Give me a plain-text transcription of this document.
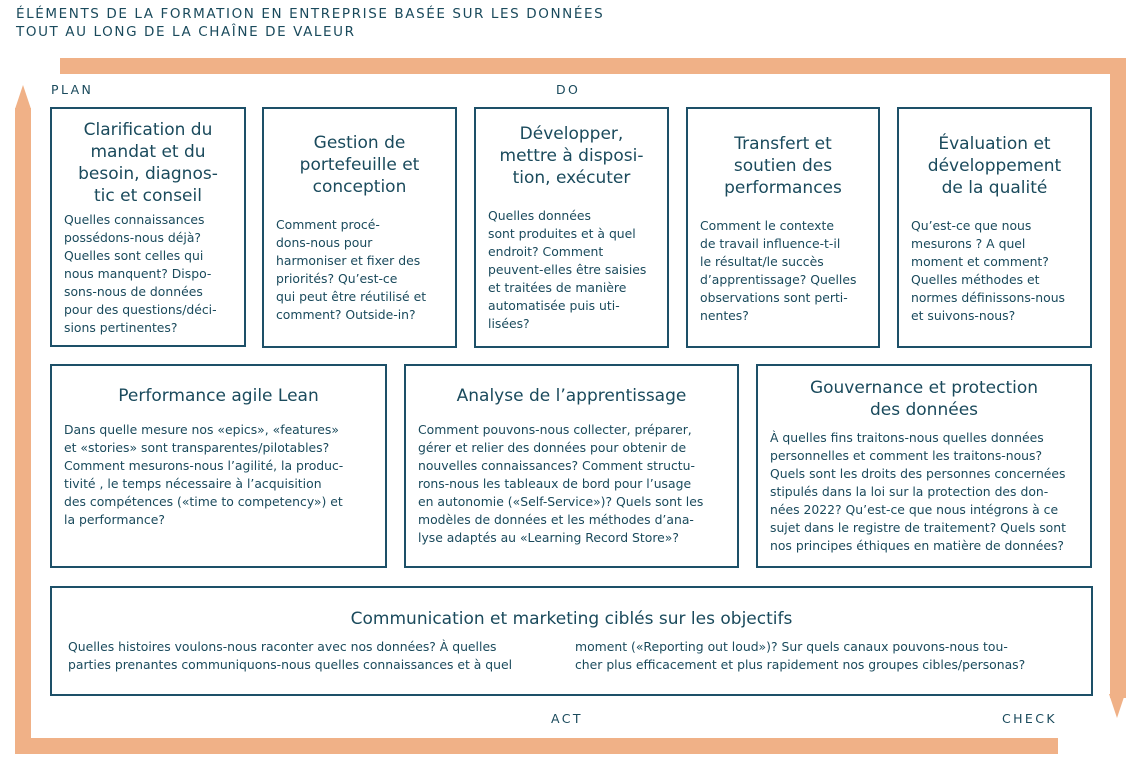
ÉLÉMENTS DE LA FORMATION EN ENTREPRISE BASÉE SUR LES DONNÉES
TOUT AU LONG DE LA CHAÎNE DE VALEUR
PLAN	DO
ACT	CHECK
Clarification du
mandat et du
besoin, diagnos-
tic et conseil

Quelles connaissances
possédons-nous déjà?
Quelles sont celles qui
nous manquent? Dispo-
sons-nous de données
pour des questions/déci-
sions pertinentes?

Gestion de
portefeuille et
conception

Comment procé-
dons-nous pour
harmoniser et fixer des
priorités? Qu’est-ce
qui peut être réutilisé et
comment? Outside-in?

Développer,
mettre à disposi-
tion, exécuter

Quelles données
sont produites et à quel
endroit? Comment
peuvent-elles être saisies
et traitées de manière
automatisée puis uti-
lisées?

Transfert et
soutien des
performances

Comment le contexte
de travail influence-t-il
le résultat/le succès
d’apprentissage? Quelles
observations sont perti-
nentes?

Évaluation et
développement
de la qualité

Qu’est-ce que nous
mesurons ? A quel
moment et comment?
Quelles méthodes et
normes définissons-nous
et suivons-nous?

Performance agile Lean

Dans quelle mesure nos «epics», «features»
et «stories» sont transparentes/pilotables?
Comment mesurons-nous l’agilité, la produc-
tivité , le temps nécessaire à l’acquisition
des compétences («time to competency») et
la performance?

Analyse de l’apprentissage

Comment pouvons-nous collecter, préparer,
gérer et relier des données pour obtenir de
nouvelles connaissances? Comment structu-
rons-nous les tableaux de bord pour l’usage
en autonomie («Self-Service»)? Quels sont les
modèles de données et les méthodes d’ana-
lyse adaptés au «Learning Record Store»?

Gouvernance et protection
des données

À quelles fins traitons-nous quelles données
personnelles et comment les traitons-nous?
Quels sont les droits des personnes concernées
stipulés dans la loi sur la protection des don-
nées 2022? Qu’est-ce que nous intégrons à ce
sujet dans le registre de traitement? Quels sont
nos principes éthiques en matière de données?

Communication et marketing ciblés sur les objectifs

Quelles histoires voulons-nous raconter avec nos données? À quelles
parties prenantes communiquons-nous quelles connaissances et à quel

moment («Reporting out loud»)? Sur quels canaux pouvons-nous tou-
cher plus efficacement et plus rapidement nos groupes cibles/personas?
